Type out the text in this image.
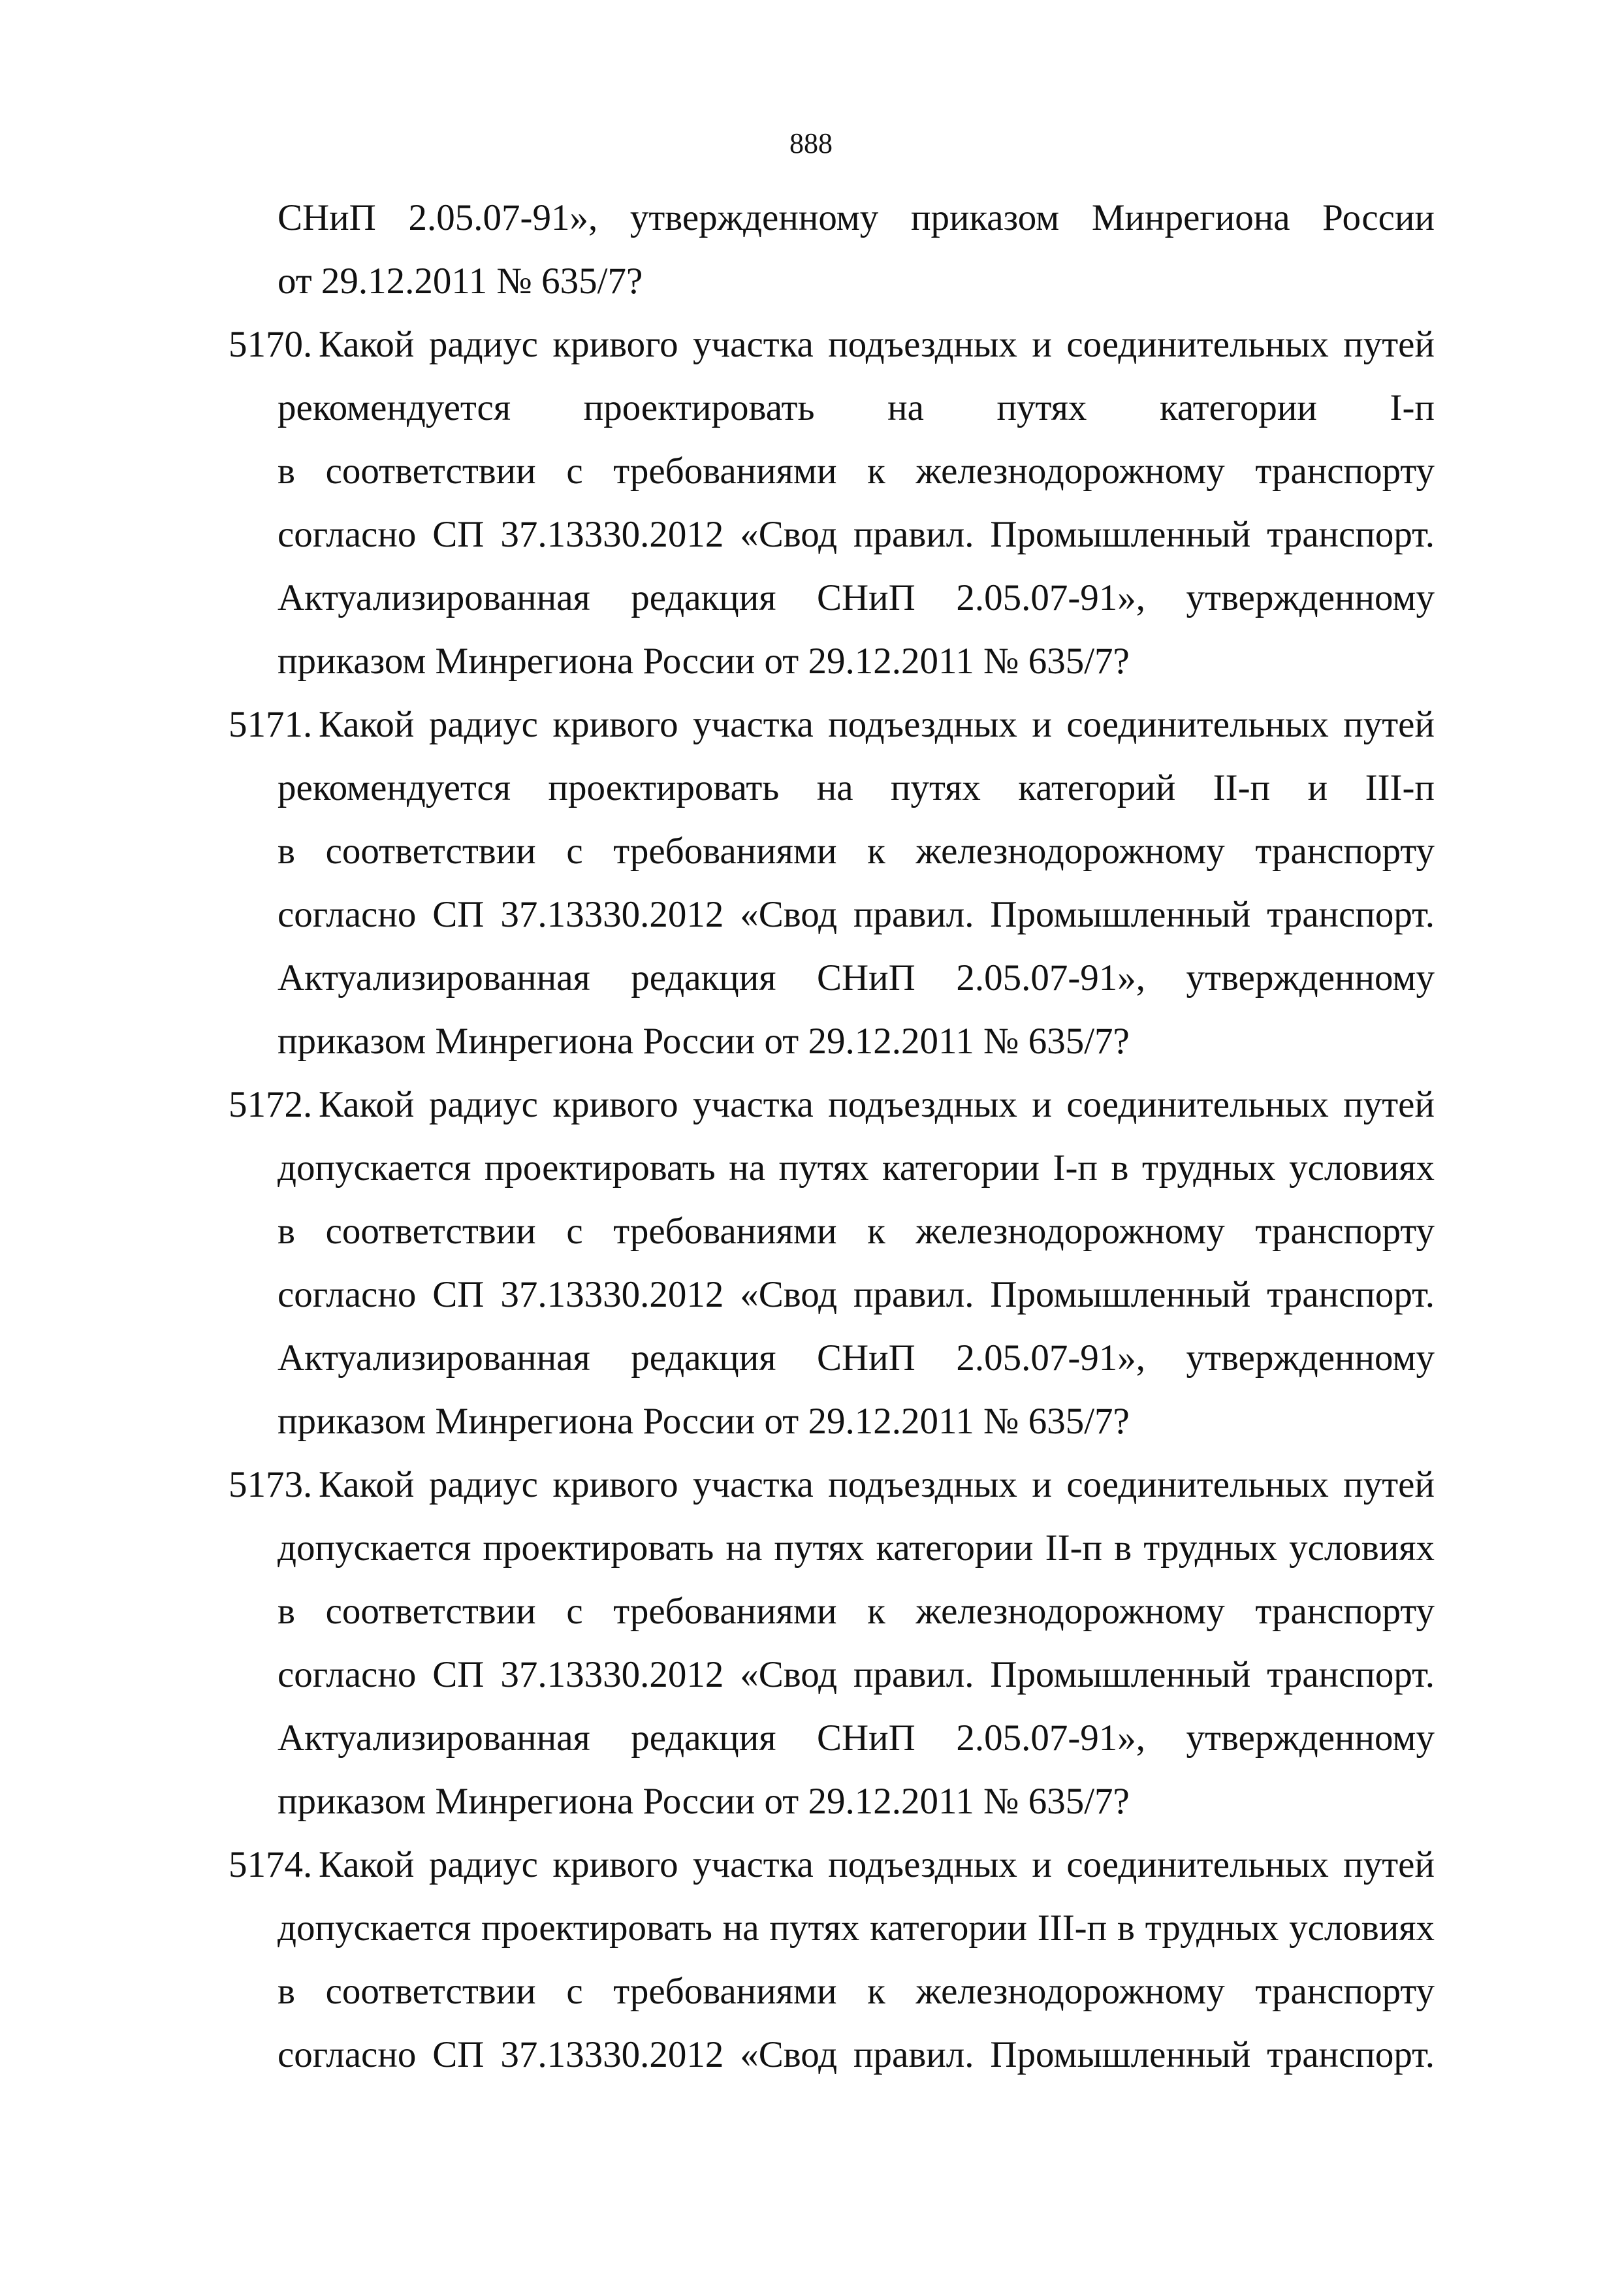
888
СНиП 2.05.07-91», утвержденному приказом Минрегиона России
от 29.12.2011 № 635/7?
5170. Какой радиус кривого участка подъездных и соединительных путей
рекомендуется проектировать на путях категории I-п
в соответствии с требованиями к железнодорожному транспорту
согласно СП 37.13330.2012 «Свод правил. Промышленный транспорт.
Актуализированная редакция СНиП 2.05.07-91», утвержденному
приказом Минрегиона России от 29.12.2011 № 635/7?
5171. Какой радиус кривого участка подъездных и соединительных путей
рекомендуется проектировать на путях категорий II-п и III-п
в соответствии с требованиями к железнодорожному транспорту
согласно СП 37.13330.2012 «Свод правил. Промышленный транспорт.
Актуализированная редакция СНиП 2.05.07-91», утвержденному
приказом Минрегиона России от 29.12.2011 № 635/7?
5172. Какой радиус кривого участка подъездных и соединительных путей
допускается проектировать на путях категории I-п в трудных условиях
в соответствии с требованиями к железнодорожному транспорту
согласно СП 37.13330.2012 «Свод правил. Промышленный транспорт.
Актуализированная редакция СНиП 2.05.07-91», утвержденному
приказом Минрегиона России от 29.12.2011 № 635/7?
5173. Какой радиус кривого участка подъездных и соединительных путей
допускается проектировать на путях категории II-п в трудных условиях
в соответствии с требованиями к железнодорожному транспорту
согласно СП 37.13330.2012 «Свод правил. Промышленный транспорт.
Актуализированная редакция СНиП 2.05.07-91», утвержденному
приказом Минрегиона России от 29.12.2011 № 635/7?
5174. Какой радиус кривого участка подъездных и соединительных путей
допускается проектировать на путях категории III-п в трудных условиях
в соответствии с требованиями к железнодорожному транспорту
согласно СП 37.13330.2012 «Свод правил. Промышленный транспорт.
